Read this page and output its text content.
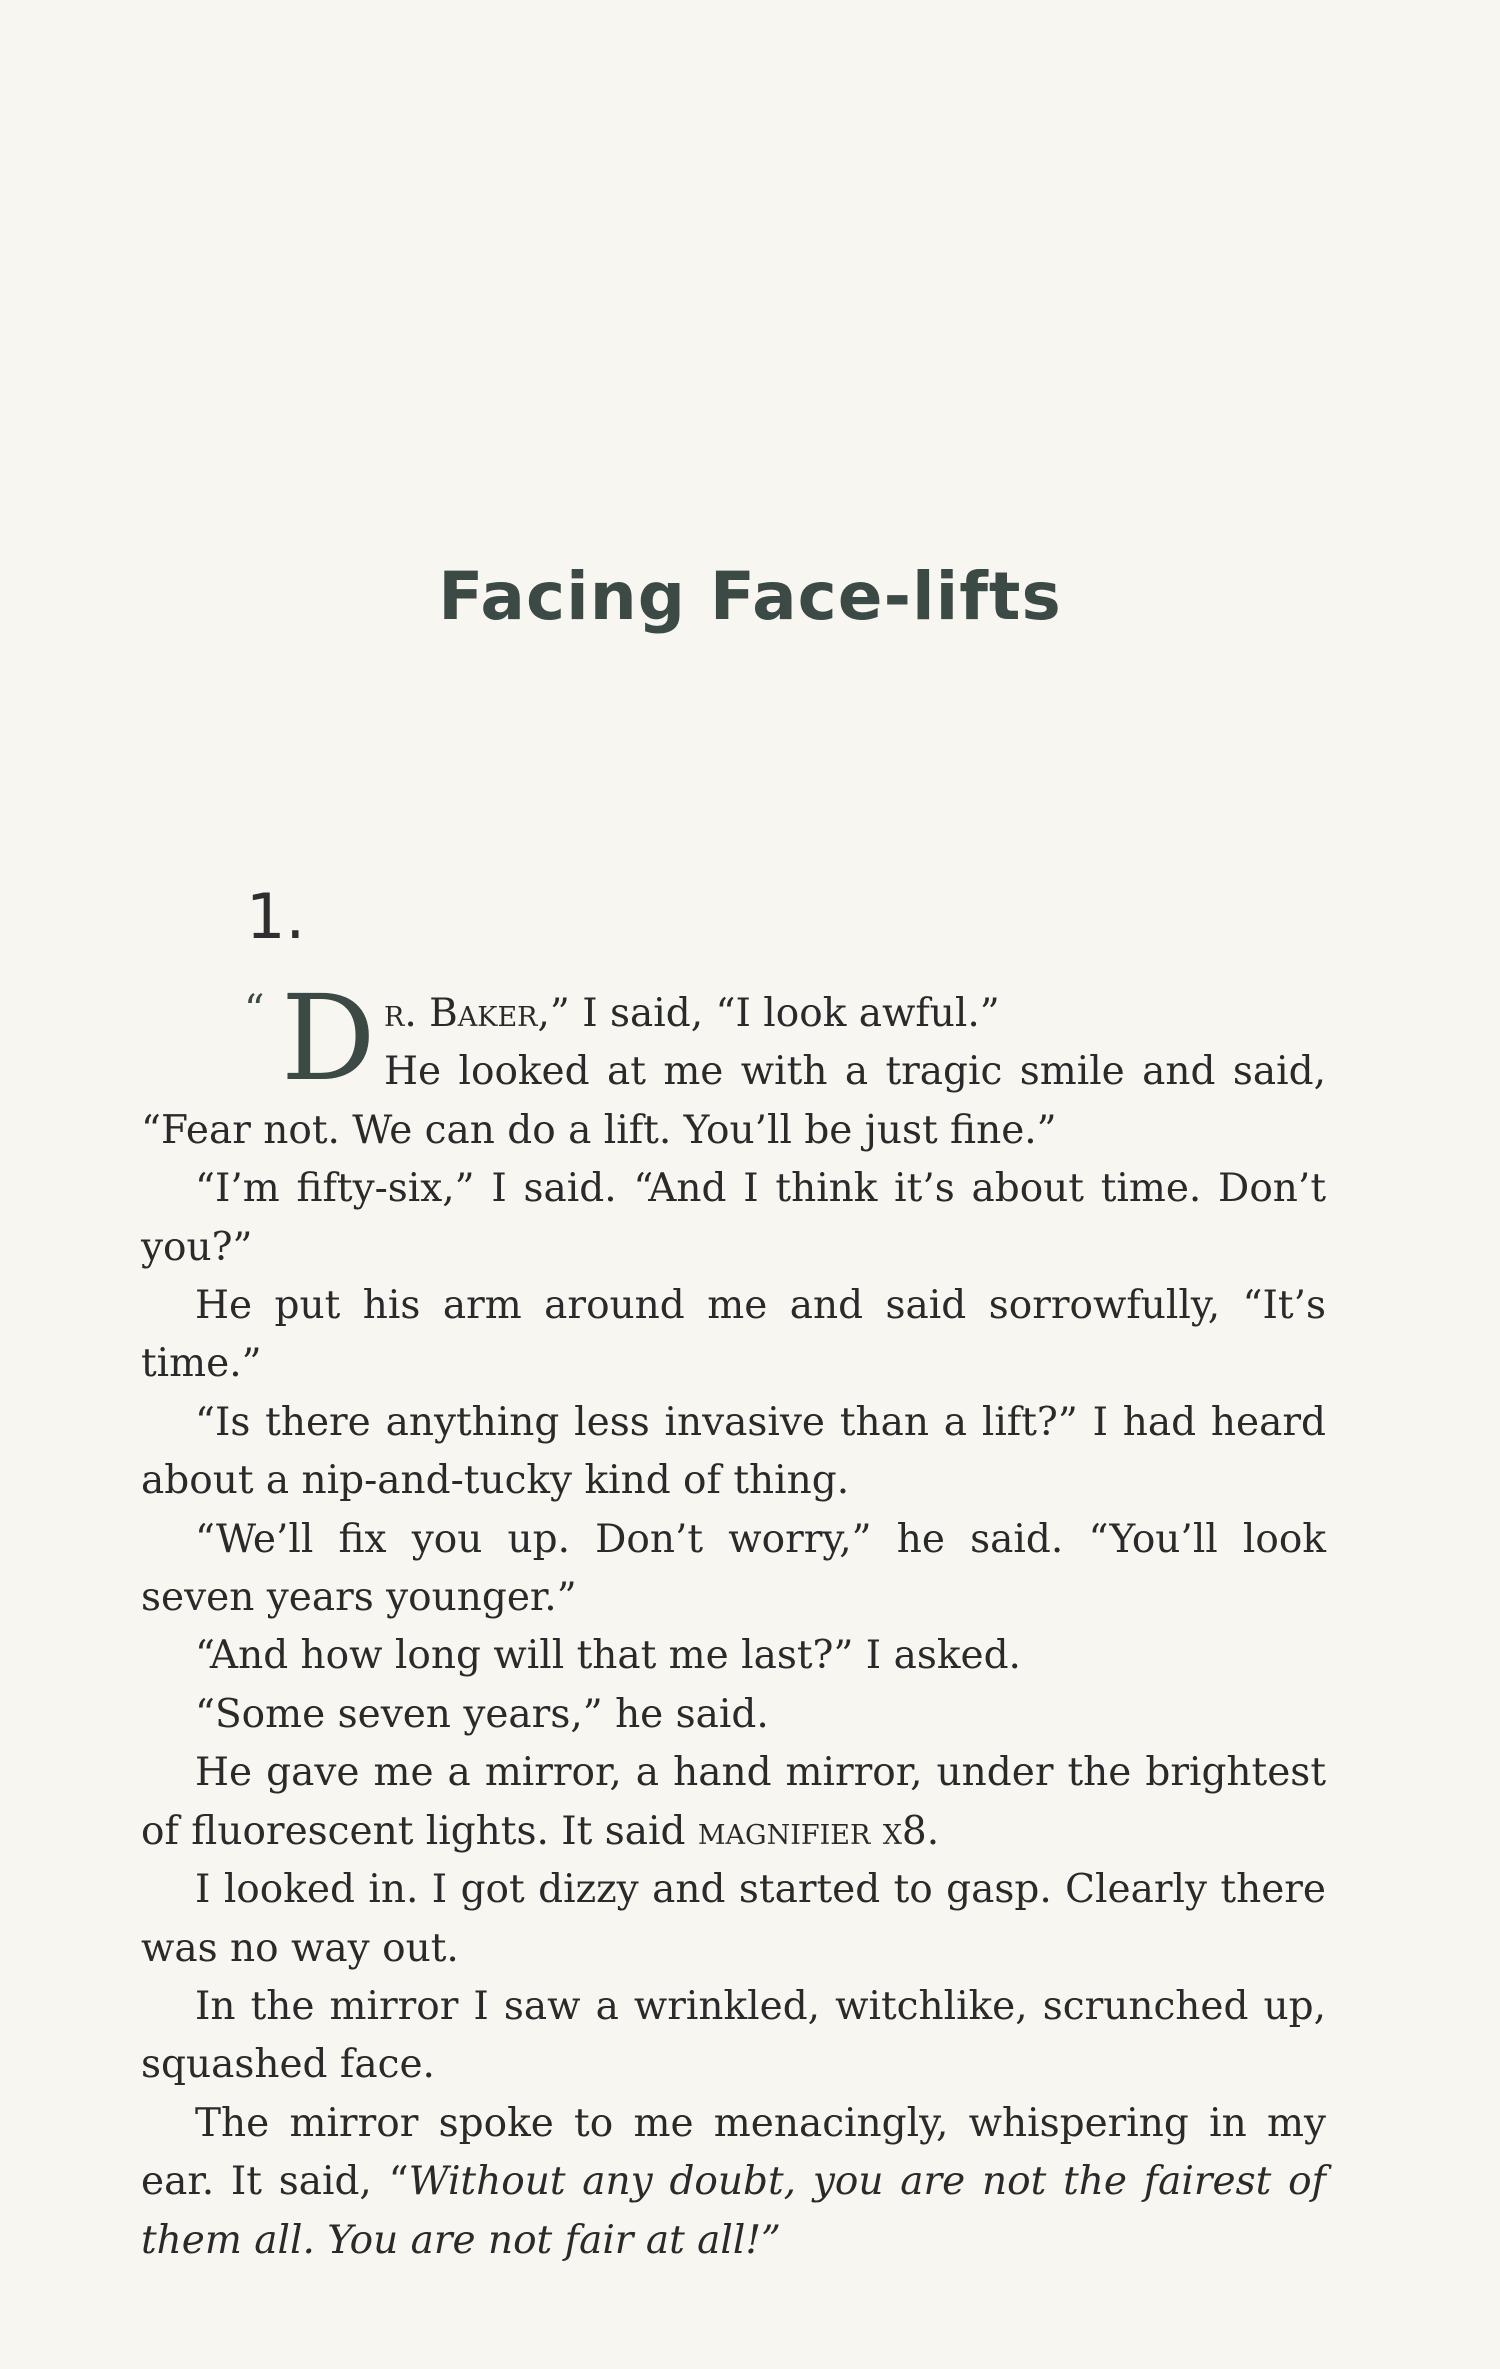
Facing Face-lifts
1.

“ D r. Baker,” I said, “I look awful.”

He looked at me with a tragic smile and said, “Fear not. We can do a lift. You’ll be just fine.”

“I’m fifty-six,” I said. “And I think it’s about time. Don’t you?”

He put his arm around me and said sorrowfully, “It’s time.”

“Is there anything less invasive than a lift?” I had heard about a nip-and-tucky kind of thing.

“We’ll fix you up. Don’t worry,” he said. “You’ll look seven years younger.”

“And how long will that me last?” I asked.

“Some seven years,” he said.

He gave me a mirror, a hand mirror, under the brightest of fluorescent lights. It said magnifier x8.

I looked in. I got dizzy and started to gasp. Clearly there was no way out.

In the mirror I saw a wrinkled, witchlike, scrunched up, squashed face.

The mirror spoke to me menacingly, whispering in my ear. It said, “Without any doubt, you are not the fairest of them all. You are not fair at all!”
